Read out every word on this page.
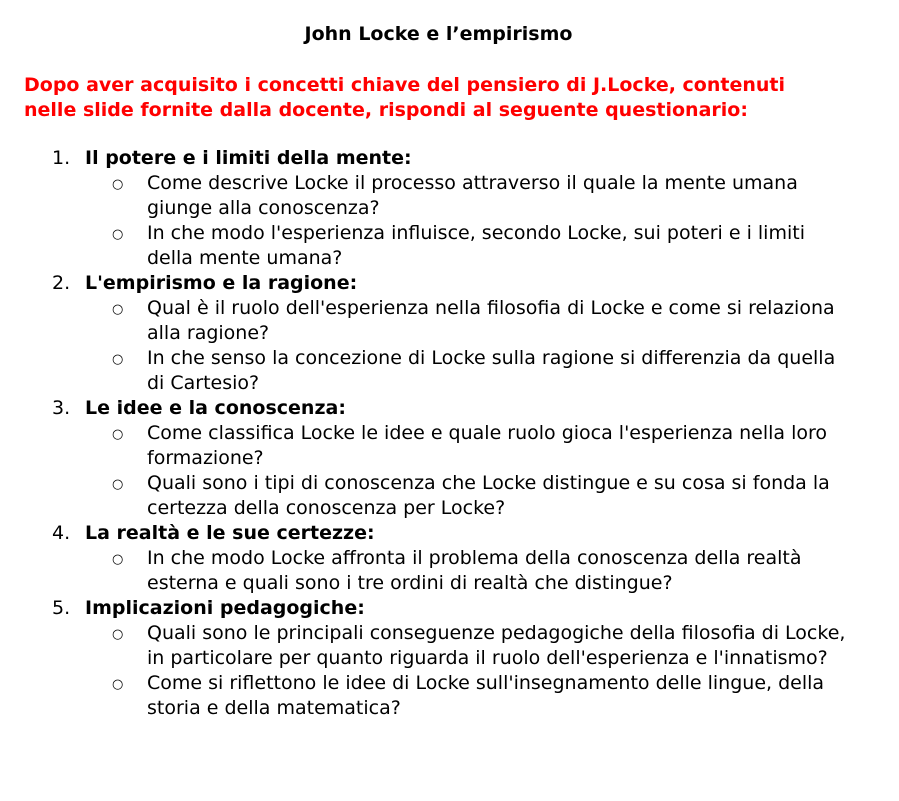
John Locke e l’empirismo
Dopo aver acquisito i concetti chiave del pensiero di J.Locke, contenuti
nelle slide fornite dalla docente, rispondi al seguente questionario:
1. Il potere e i limiti della mente:
○ Come descrive Locke il processo attraverso il quale la mente umana giunge alla conoscenza?
○ In che modo l'esperienza influisce, secondo Locke, sui poteri e i limiti della mente umana?
2. L'empirismo e la ragione:
○ Qual è il ruolo dell'esperienza nella filosofia di Locke e come si relaziona alla ragione?
○ In che senso la concezione di Locke sulla ragione si differenzia da quella di Cartesio?
3. Le idee e la conoscenza:
○ Come classifica Locke le idee e quale ruolo gioca l'esperienza nella loro formazione?
○ Quali sono i tipi di conoscenza che Locke distingue e su cosa si fonda la certezza della conoscenza per Locke?
4. La realtà e le sue certezze:
○ In che modo Locke affronta il problema della conoscenza della realtà esterna e quali sono i tre ordini di realtà che distingue?
5. Implicazioni pedagogiche:
○ Quali sono le principali conseguenze pedagogiche della filosofia di Locke, in particolare per quanto riguarda il ruolo dell'esperienza e l'innatismo?
○ Come si riflettono le idee di Locke sull'insegnamento delle lingue, della storia e della matematica?
